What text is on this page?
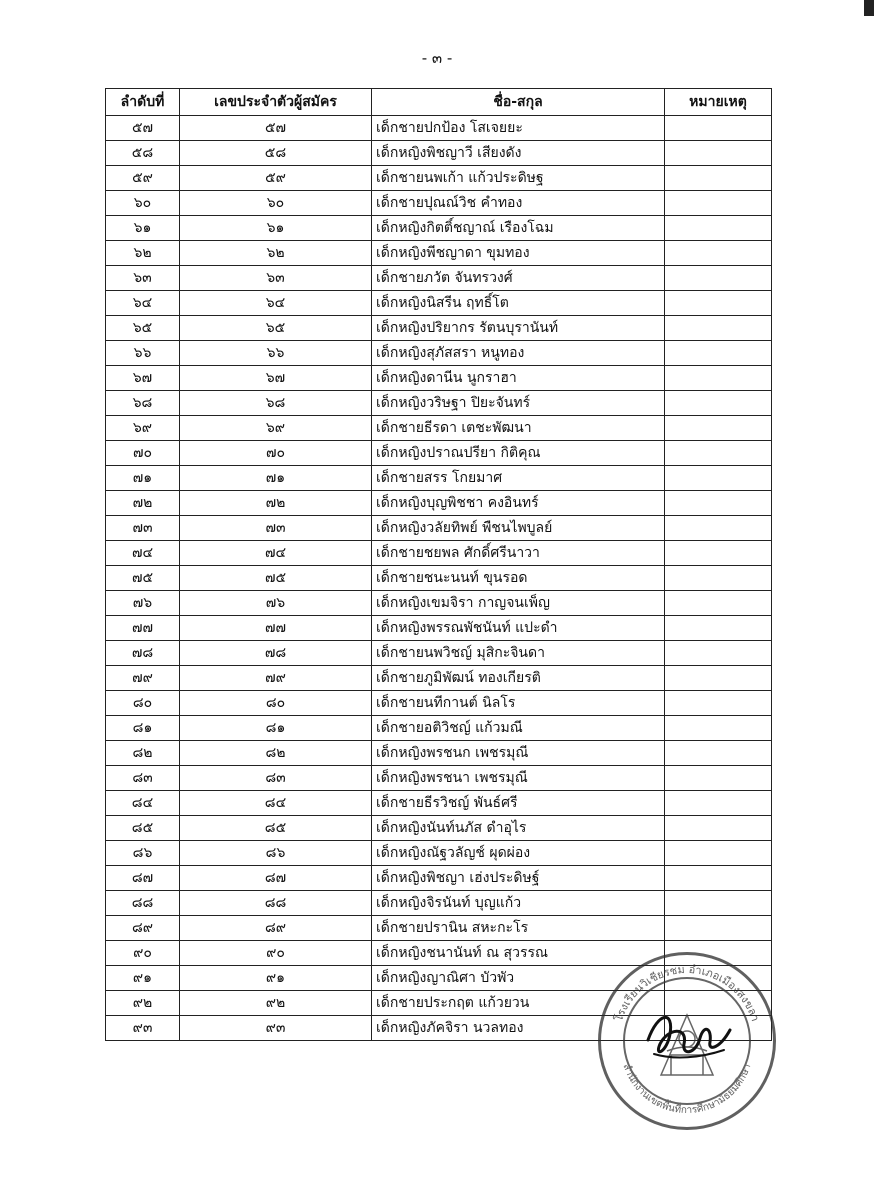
- ๓ -
ลำดับที่	เลขประจำตัวผู้สมัคร	ชื่อ-สกุล	หมายเหตุ
๕๗	๕๗	เด็กชายปกป้อง โสเจยยะ	
๕๘	๕๘	เด็กหญิงพิชญาวี เสียงดัง	
๕๙	๕๙	เด็กชายนพเก้า แก้วประดิษฐ	
๖๐	๖๐	เด็กชายปุณณ์วิช คำทอง	
๖๑	๖๑	เด็กหญิงกิตติ์ชญาณ์ เรืองโฉม	
๖๒	๖๒	เด็กหญิงพีชญาดา ขุมทอง	
๖๓	๖๓	เด็กชายภวัต จันทรวงศ์	
๖๔	๖๔	เด็กหญิงนิสรีน ฤทธิ์โต	
๖๕	๖๕	เด็กหญิงปริยากร รัตนบุรานันท์	
๖๖	๖๖	เด็กหญิงสุภัสสรา หนูทอง	
๖๗	๖๗	เด็กหญิงดานีน นูกราฮา	
๖๘	๖๘	เด็กหญิงวริษฐา ปิยะจันทร์	
๖๙	๖๙	เด็กชายธีรดา เตชะพัฒนา	
๗๐	๗๐	เด็กหญิงปราณปรียา กิติคุณ	
๗๑	๗๑	เด็กชายสรร โกยมาศ	
๗๒	๗๒	เด็กหญิงบุญพิชชา คงอินทร์	
๗๓	๗๓	เด็กหญิงวลัยทิพย์ พืชนไพบูลย์	
๗๔	๗๔	เด็กชายชยพล ศักดิ์ศรีนาวา	
๗๕	๗๕	เด็กชายชนะนนท์ ขุนรอด	
๗๖	๗๖	เด็กหญิงเขมจิรา กาญจนเพ็ญ	
๗๗	๗๗	เด็กหญิงพรรณพัชนันท์ แปะดำ	
๗๘	๗๘	เด็กชายนพวิชญ์ มุสิกะจินดา	
๗๙	๗๙	เด็กชายภูมิพัฒน์ ทองเกียรติ	
๘๐	๘๐	เด็กชายนทีกานต์ นิลโร	
๘๑	๘๑	เด็กชายอติวิชญ์ แก้วมณี	
๘๒	๘๒	เด็กหญิงพรชนก เพชรมุณี	
๘๓	๘๓	เด็กหญิงพรชนา เพชรมุณี	
๘๔	๘๔	เด็กชายธีรวิชญ์ พันธ์ศรี	
๘๕	๘๕	เด็กหญิงนันท์นภัส ดำอุไร	
๘๖	๘๖	เด็กหญิงณัฐวลัญช์ ผุดผ่อง	
๘๗	๘๗	เด็กหญิงพิชญา เฮ่งประดิษฐ์	
๘๘	๘๘	เด็กหญิงจิรนันท์ บุญแก้ว	
๘๙	๘๙	เด็กชายปรานิน สหะกะโร	
๙๐	๙๐	เด็กหญิงชนานันท์ ณ สุวรรณ	
๙๑	๙๑	เด็กหญิงญาณิศา บัวพัว	
๙๒	๙๒	เด็กชายประกฤต แก้วยวน	
๙๓	๙๓	เด็กหญิงภัคจิรา นวลทอง	
โรงเรียนวิเชียรชม อำเภอเมืองสงขลา
สำนักงานเขตพื้นที่การศึกษามัธยมศึกษา
